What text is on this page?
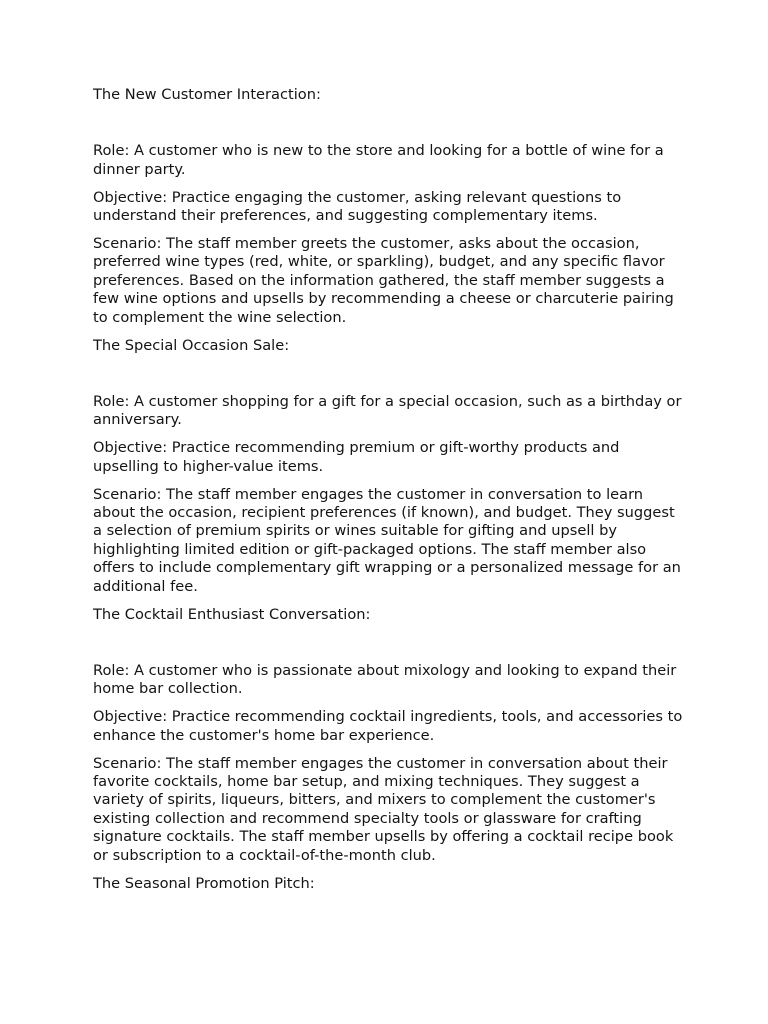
The New Customer Interaction:

Role: A customer who is new to the store and looking for a bottle of wine for a dinner party.

Objective: Practice engaging the customer, asking relevant questions to understand their preferences, and suggesting complementary items.

Scenario: The staff member greets the customer, asks about the occasion, preferred wine types (red, white, or sparkling), budget, and any specific flavor preferences. Based on the information gathered, the staff member suggests a few wine options and upsells by recommending a cheese or charcuterie pairing to complement the wine selection.

The Special Occasion Sale:

Role: A customer shopping for a gift for a special occasion, such as a birthday or anniversary.

Objective: Practice recommending premium or gift-worthy products and upselling to higher-value items.

Scenario: The staff member engages the customer in conversation to learn about the occasion, recipient preferences (if known), and budget. They suggest a selection of premium spirits or wines suitable for gifting and upsell by highlighting limited edition or gift-packaged options. The staff member also offers to include complementary gift wrapping or a personalized message for an additional fee.

The Cocktail Enthusiast Conversation:

Role: A customer who is passionate about mixology and looking to expand their home bar collection.

Objective: Practice recommending cocktail ingredients, tools, and accessories to enhance the customer's home bar experience.

Scenario: The staff member engages the customer in conversation about their favorite cocktails, home bar setup, and mixing techniques. They suggest a variety of spirits, liqueurs, bitters, and mixers to complement the customer's existing collection and recommend specialty tools or glassware for crafting signature cocktails. The staff member upsells by offering a cocktail recipe book or subscription to a cocktail-of-the-month club.

The Seasonal Promotion Pitch:
